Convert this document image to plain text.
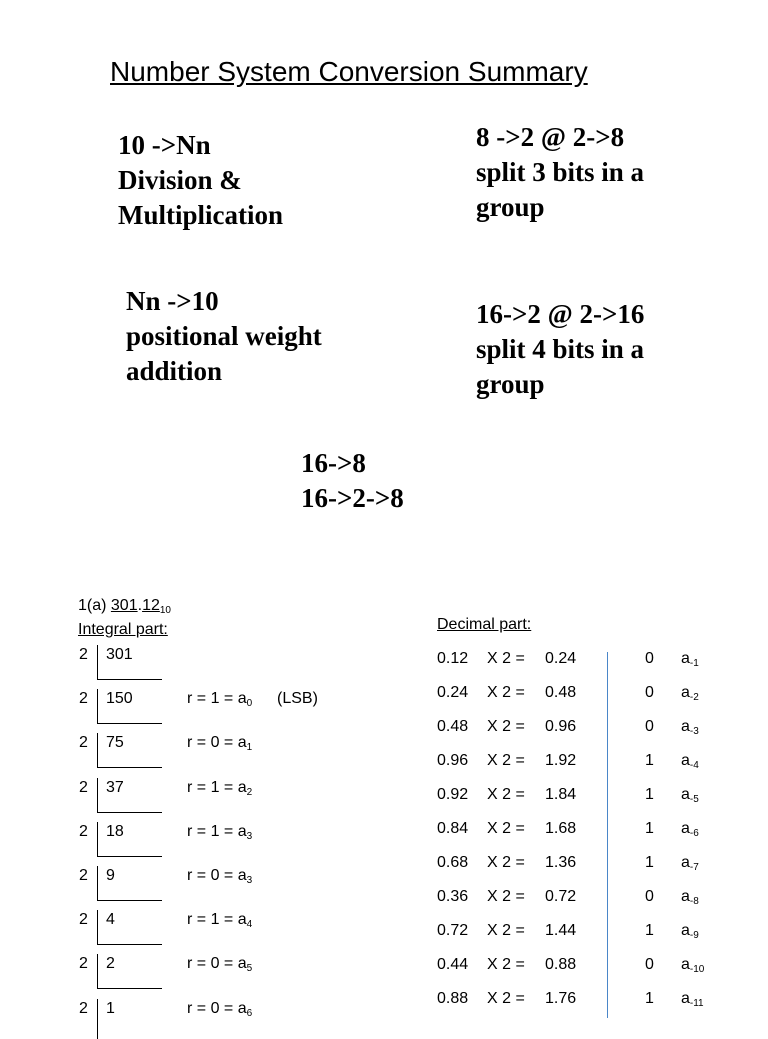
Number System Conversion Summary
10 ->Nn
Division &
Multiplication
8 ->2 @ 2->8
split 3 bits in a
group
Nn ->10
positional weight
addition
16->2 @ 2->16
split 4 bits in a
group
16->8
16->2->8
1(a) $301.12_{10}$
Integral part:	Decimal part:
2 301
2 150	$r = 1 = a_0$ (LSB)
2 75	$r = 0 = a_1$
2 37	$r = 1 = a_2$
2 18	$r = 1 = a_3$
2 9	$r = 0 = a_3$
2 4	$r = 1 = a_4$
2 2	$r = 0 = a_5$
2 1	$r = 0 = a_6$
0.12 X 2 = 0.24	0 $a_{-1}$
0.24 X 2 = 0.48	0 $a_{-2}$
0.48 X 2 = 0.96	0 $a_{-3}$
0.96 X 2 = 1.92	1 $a_{-4}$
0.92 X 2 = 1.84	1 $a_{-5}$
0.84 X 2 = 1.68	1 $a_{-6}$
0.68 X 2 = 1.36	1 $a_{-7}$
0.36 X 2 = 0.72	0 $a_{-8}$
0.72 X 2 = 1.44	1 $a_{-9}$
0.44 X 2 = 0.88	0 $a_{-10}$
0.88 X 2 = 1.76	1 $a_{-11}$
